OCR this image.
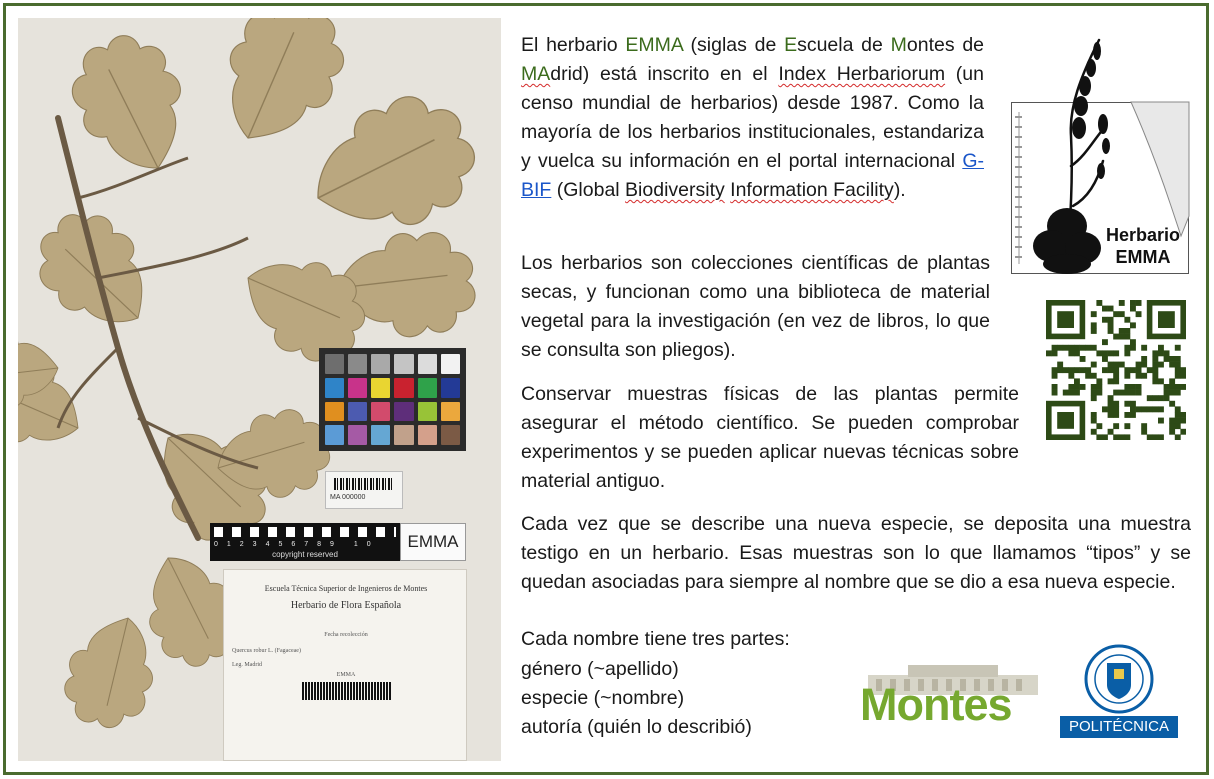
MA 000000
0123456789 10
copyright reserved
EMMA
Escuela Técnica Superior de Ingenieros de Montes
Herbario de Flora Española
Fecha recolección
Quercus robur L. (Fagaceae)
Leg. Madrid
EMMA

El herbario EMMA (siglas de Escuela de Montes de MAdrid) está inscrito en el Index Herbariorum (un censo mundial de herbarios) desde 1987. Como la mayoría de los herbarios institucionales, estandariza y vuelca su información en el portal internacional G-BIF (Global Biodiversity Information Facility).

Los herbarios son colecciones científicas de plantas secas, y funcionan como una biblioteca de material vegetal para la investigación (en vez de libros, lo que se consulta son pliegos).

Conservar muestras físicas de las plantas permite asegurar el método científico. Se pueden comprobar experimentos y se pueden aplicar nuevas técnicas sobre material antiguo.

Cada vez que se describe una nueva especie, se deposita una muestra testigo en un herbario. Esas muestras son lo que llamamos “tipos” y se quedan asociadas para siempre al nombre que se dio a esa nueva especie.

Cada nombre tiene tres partes:

género (~apellido)

especie (~nombre)

autoría (quién lo describió)

Herbario
EMMA
Montes	POLITÉCNICA
